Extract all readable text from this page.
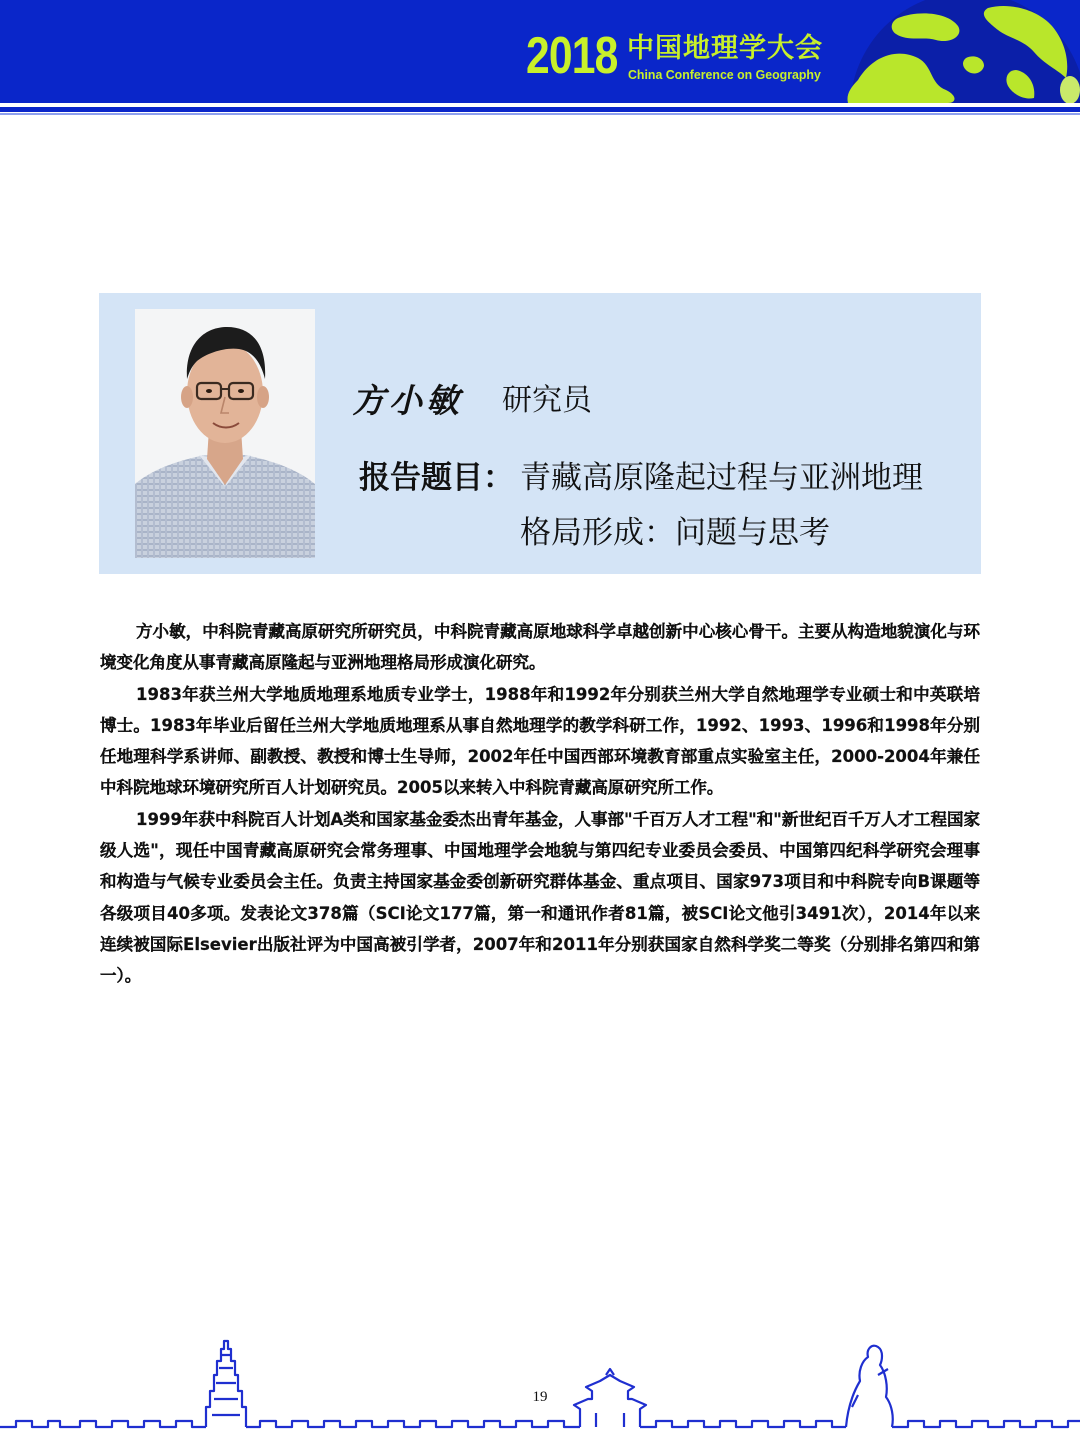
2018 中国地理学大会
China Conference on Geography
方小敏 研究员
报告题目： 青藏高原隆起过程与亚洲地理
格局形成：问题与思考

方小敏，中科院青藏高原研究所研究员，中科院青藏高原地球科学卓越创新中心核心骨干。主要从构造地貌演化与环境变化角度从事青藏高原隆起与亚洲地理格局形成演化研究。

1983年获兰州大学地质地理系地质专业学士，1988年和1992年分别获兰州大学自然地理学专业硕士和中英联培博士。1983年毕业后留任兰州大学地质地理系从事自然地理学的教学科研工作，1992、1993、1996和1998年分别任地理科学系讲师、副教授、教授和博士生导师，2002年任中国西部环境教育部重点实验室主任，2000-2004年兼任中科院地球环境研究所百人计划研究员。2005以来转入中科院青藏高原研究所工作。

1999年获中科院百人计划A类和国家基金委杰出青年基金，人事部"千百万人才工程"和"新世纪百千万人才工程国家级人选"，现任中国青藏高原研究会常务理事、中国地理学会地貌与第四纪专业委员会委员、中国第四纪科学研究会理事和构造与气候专业委员会主任。负责主持国家基金委创新研究群体基金、重点项目、国家973项目和中科院专向B课题等各级项目40多项。发表论文378篇（SCI论文177篇，第一和通讯作者81篇，被SCI论文他引3491次），2014年以来连续被国际Elsevier出版社评为中国高被引学者，2007年和2011年分别获国家自然科学奖二等奖（分别排名第四和第一）。

19
